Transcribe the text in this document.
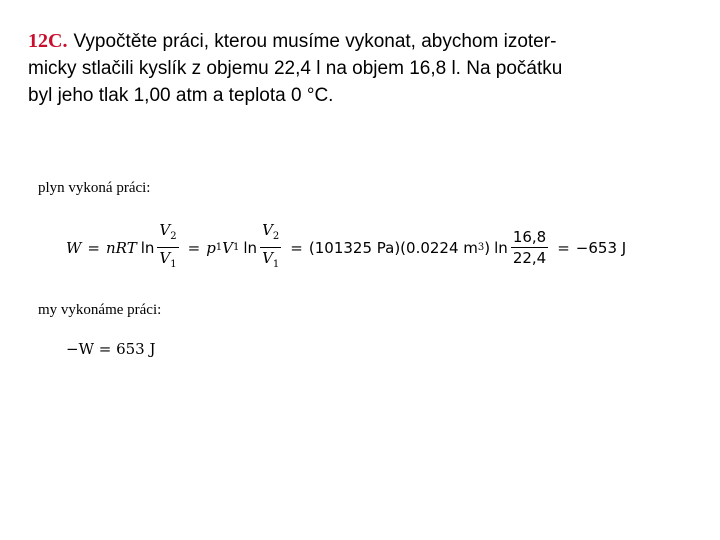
12C. Vypočtěte práci, kterou musíme vykonat, abychom izoter-
micky stlačili kyslík z objemu 22,4 l na objem 16,8 l. Na počátku
byl jeho tlak 1,00 atm a teplota 0 °C.
plyn vykoná práci:
W = nRT $\ln \frac{V_2}{V_1} = p$ 1 V 1 $\ln \frac{V_2}{V_1} = (101325$ Pa) (0.0224 m 3 ) $\ln \frac{16,8}{22,4} = -653$ J
my vykonáme práci:
−W = 653 J
